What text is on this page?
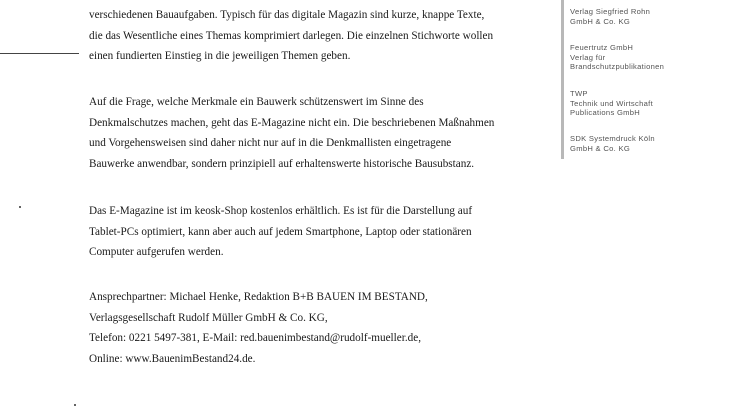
verschiedenen Bauaufgaben. Typisch für das digitale Magazin sind kurze, knappe Texte,
die das Wesentliche eines Themas komprimiert darlegen. Die einzelnen Stichworte wollen
einen fundierten Einstieg in die jeweiligen Themen geben.
Auf die Frage, welche Merkmale ein Bauwerk schützenswert im Sinne des
Denkmalschutzes machen, geht das E-Magazine nicht ein. Die beschriebenen Maßnahmen
und Vorgehensweisen sind daher nicht nur auf in die Denkmallisten eingetragene
Bauwerke anwendbar, sondern prinzipiell auf erhaltenswerte historische Bausubstanz.
Das E-Magazine ist im keosk-Shop kostenlos erhältlich. Es ist für die Darstellung auf
Tablet-PCs optimiert, kann aber auch auf jedem Smartphone, Laptop oder stationären
Computer aufgerufen werden.
Ansprechpartner: Michael Henke, Redaktion B+B BAUEN IM BESTAND,
Verlagsgesellschaft Rudolf Müller GmbH & Co. KG,
Telefon: 0221 5497-381, E-Mail: red.bauenimbestand@rudolf-mueller.de,
Online: www.BauenimBestand24.de.
Verlag Siegfried Rohn
GmbH & Co. KG
Feuertrutz GmbH
Verlag für
Brandschutzpublikationen
TWP
Technik und Wirtschaft
Publications GmbH
SDK Systemdruck Köln
GmbH & Co. KG
